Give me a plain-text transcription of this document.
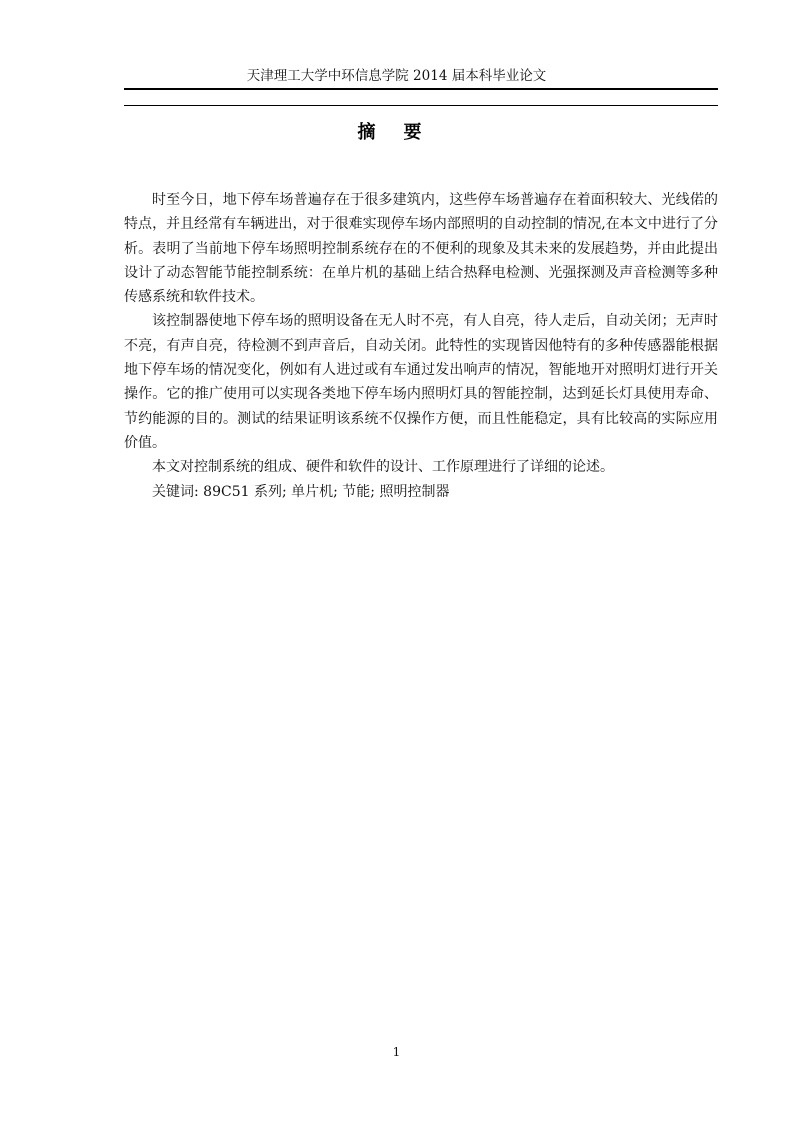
天津理工大学中环信息学院 2014 届本科毕业论文
摘要

时至今日，地下停车场普遍存在于很多建筑内，这些停车场普遍存在着面积较大、光线偌的特点，并且经常有车辆进出，对于很难实现停车场内部照明的自动控制的情况,在本文中进行了分析。表明了当前地下停车场照明控制系统存在的不便利的现象及其未来的发展趋势，并由此提出设计了动态智能节能控制系统：在单片机的基础上结合热释电检测、光强探测及声音检测等多种传感系统和软件技术。

该控制器使地下停车场的照明设备在无人时不亮，有人自亮，待人走后，自动关闭；无声时不亮，有声自亮，待检测不到声音后，自动关闭。此特性的实现皆因他特有的多种传感器能根据地下停车场的情况变化，例如有人进过或有车通过发出响声的情况，智能地开对照明灯进行开关操作。它的推广使用可以实现各类地下停车场内照明灯具的智能控制，达到延长灯具使用寿命、节约能源的目的。测试的结果证明该系统不仅操作方便，而且性能稳定，具有比较高的实际应用价值。

本文对控制系统的组成、硬件和软件的设计、工作原理进行了详细的论述。

关键词: 89C51 系列; 单片机; 节能; 照明控制器

1
